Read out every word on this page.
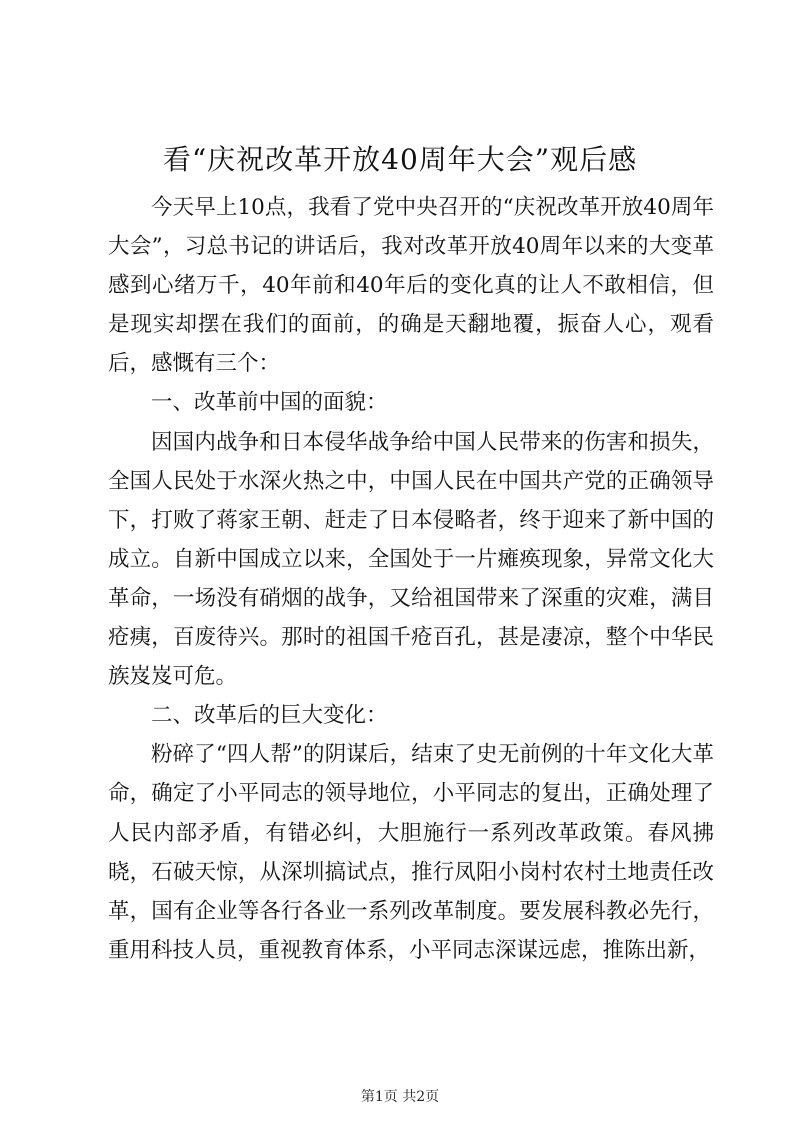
看“庆祝改革开放40周年大会”观后感

今天早上10点，我看了党中央召开的“庆祝改革开放40周年大会”，习总书记的讲话后，我对改革开放40周年以来的大变革感到心绪万千，40年前和40年后的变化真的让人不敢相信，但是现实却摆在我们的面前，的确是天翻地覆，振奋人心，观看后，感慨有三个：

一、改革前中国的面貌：

因国内战争和日本侵华战争给中国人民带来的伤害和损失，全国人民处于水深火热之中，中国人民在中国共产党的正确领导下，打败了蒋家王朝、赶走了日本侵略者，终于迎来了新中国的成立。自新中国成立以来，全国处于一片瘫痪现象，异常文化大革命，一场没有硝烟的战争，又给祖国带来了深重的灾难，满目疮痍，百废待兴。那时的祖国千疮百孔，甚是凄凉，整个中华民族岌岌可危。

二、改革后的巨大变化：

粉碎了“四人帮”的阴谋后，结束了史无前例的十年文化大革命，确定了小平同志的领导地位，小平同志的复出，正确处理了人民内部矛盾，有错必纠，大胆施行一系列改革政策。春风拂晓，石破天惊，从深圳搞试点，推行凤阳小岗村农村土地责任改革，国有企业等各行各业一系列改革制度。要发展科教必先行，重用科技人员，重视教育体系，小平同志深谋远虑，推陈出新，

第1页 共2页
